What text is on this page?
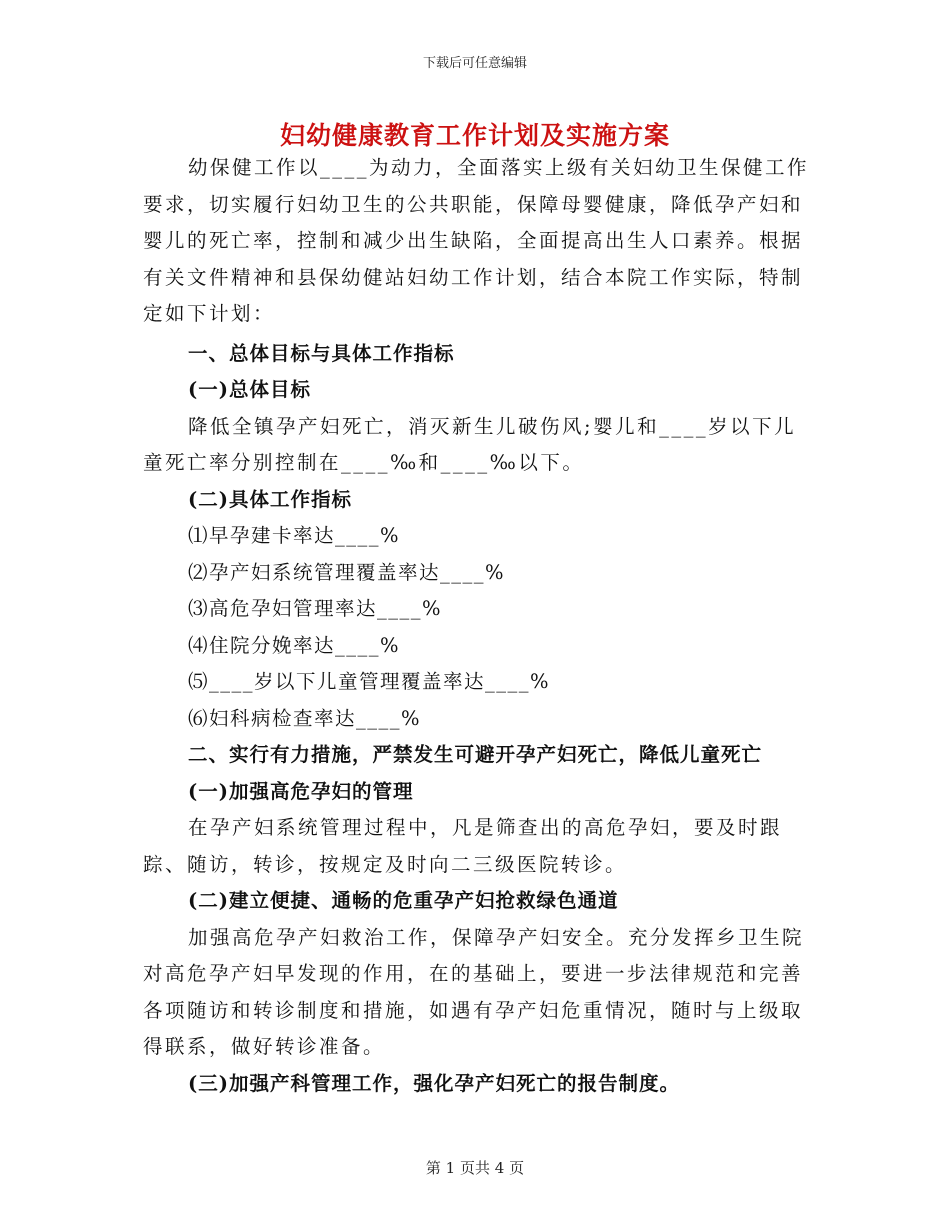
下载后可任意编辑
妇幼健康教育工作计划及实施方案

幼保健工作以____为动力，全面落实上级有关妇幼卫生保健工作要求，切实履行妇幼卫生的公共职能，保障母婴健康，降低孕产妇和婴儿的死亡率，控制和减少出生缺陷，全面提高出生人口素养。根据有关文件精神和县保幼健站妇幼工作计划，结合本院工作实际，特制定如下计划：

一、总体目标与具体工作指标

(一)总体目标

降低全镇孕产妇死亡，消灭新生儿破伤风;婴儿和____岁以下儿童死亡率分别控制在____‰和____‰以下。

(二)具体工作指标

⑴早孕建卡率达____%

⑵孕产妇系统管理覆盖率达____%

⑶高危孕妇管理率达____%

⑷住院分娩率达____%

⑸____岁以下儿童管理覆盖率达____%

⑹妇科病检查率达____%

二、实行有力措施，严禁发生可避开孕产妇死亡，降低儿童死亡

(一)加强高危孕妇的管理

在孕产妇系统管理过程中，凡是筛查出的高危孕妇，要及时跟踪、随访，转诊，按规定及时向二三级医院转诊。

(二)建立便捷、通畅的危重孕产妇抢救绿色通道

加强高危孕产妇救治工作，保障孕产妇安全。充分发挥乡卫生院对高危孕产妇早发现的作用，在的基础上，要进一步法律规范和完善各项随访和转诊制度和措施，如遇有孕产妇危重情况，随时与上级取得联系，做好转诊准备。

(三)加强产科管理工作，强化孕产妇死亡的报告制度。

第 1 页共 4 页
